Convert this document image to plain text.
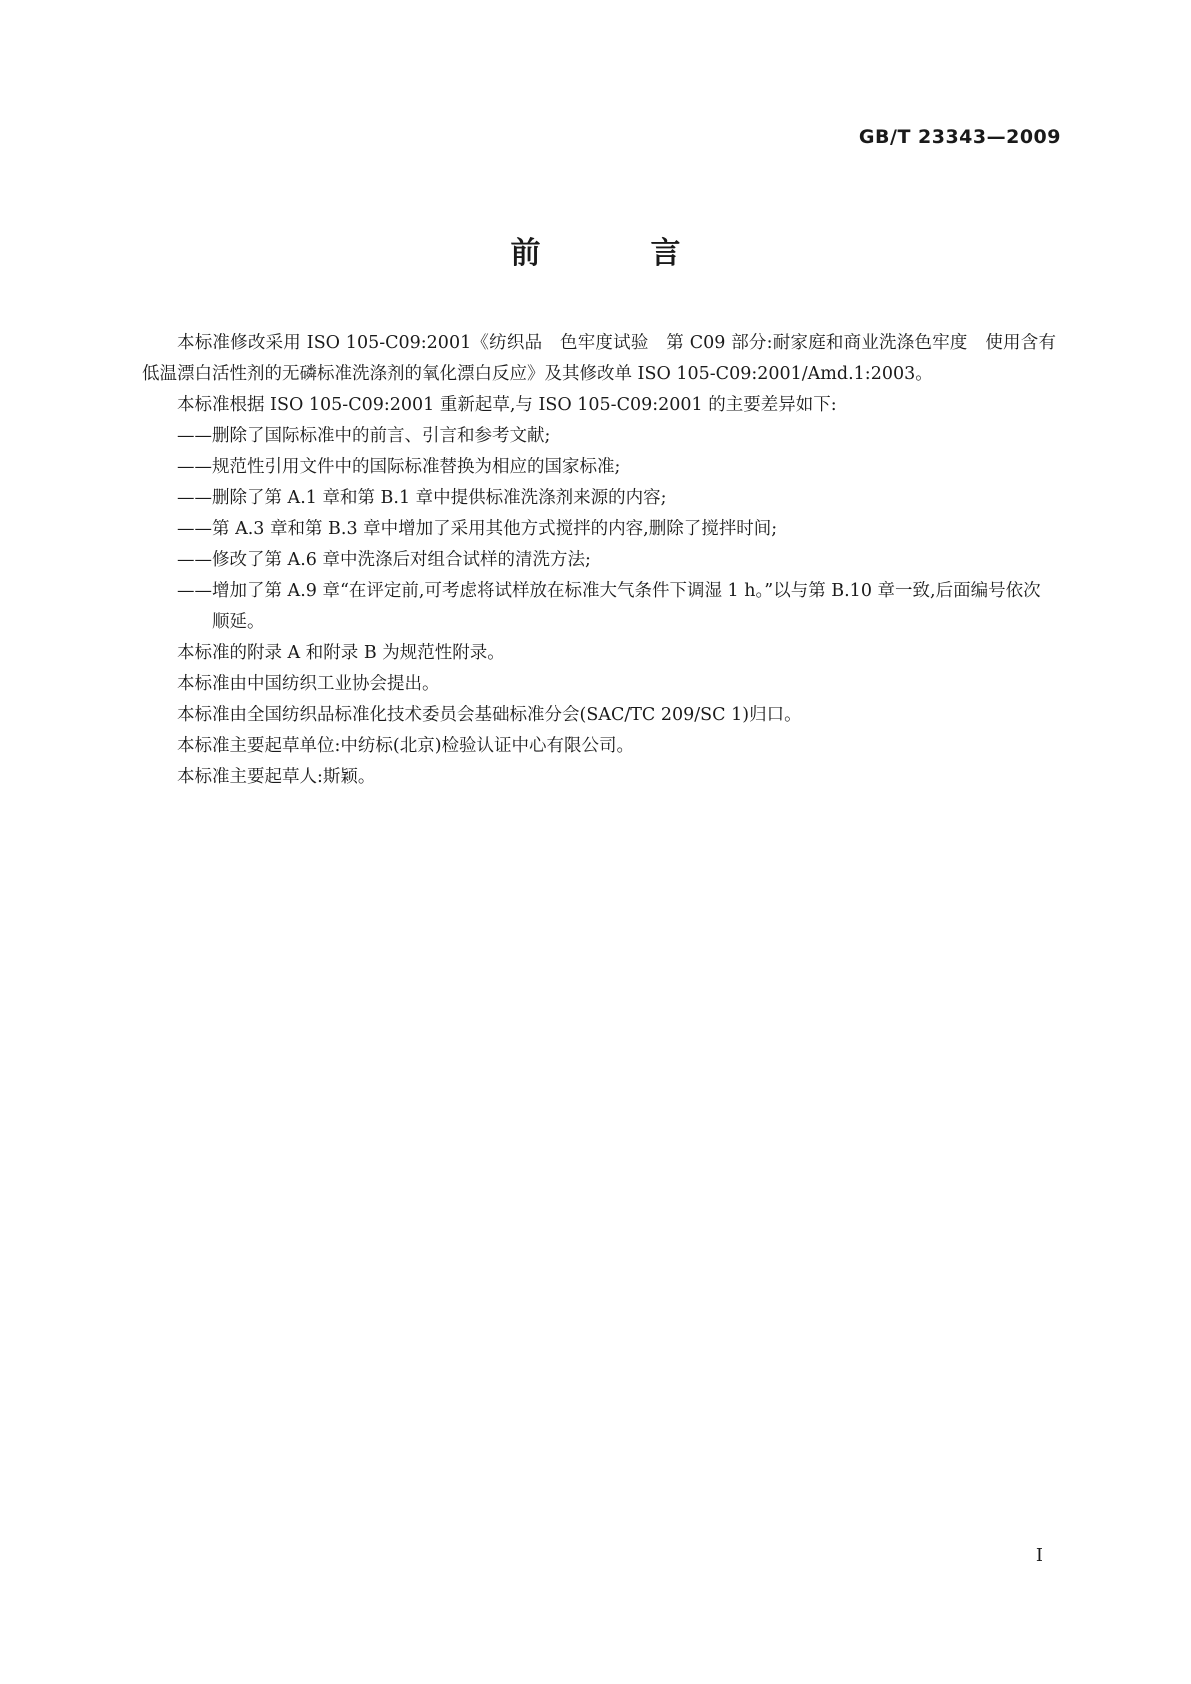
GB/T 23343—2009
前　言

本标准修改采用 ISO 105-C09:2001《纺织品　色牢度试验　第 C09 部分:耐家庭和商业洗涤色牢度　使用含有低温漂白活性剂的无磷标准洗涤剂的氧化漂白反应》及其修改单 ISO 105-C09:2001/Amd.1:2003。

本标准根据 ISO 105-C09:2001 重新起草,与 ISO 105-C09:2001 的主要差异如下:

—— 删除了国际标准中的前言、引言和参考文献;
—— 规范性引用文件中的国际标准替换为相应的国家标准;
—— 删除了第 A.1 章和第 B.1 章中提供标准洗涤剂来源的内容;
—— 第 A.3 章和第 B.3 章中增加了采用其他方式搅拌的内容,删除了搅拌时间;
—— 修改了第 A.6 章中洗涤后对组合试样的清洗方法;
—— 增加了第 A.9 章“在评定前,可考虑将试样放在标准大气条件下调湿 1 h。”以与第 B.10 章一致,后面编号依次顺延。

本标准的附录 A 和附录 B 为规范性附录。

本标准由中国纺织工业协会提出。

本标准由全国纺织品标准化技术委员会基础标准分会(SAC/TC 209/SC 1)归口。

本标准主要起草单位:中纺标(北京)检验认证中心有限公司。

本标准主要起草人:斯颖。

I
